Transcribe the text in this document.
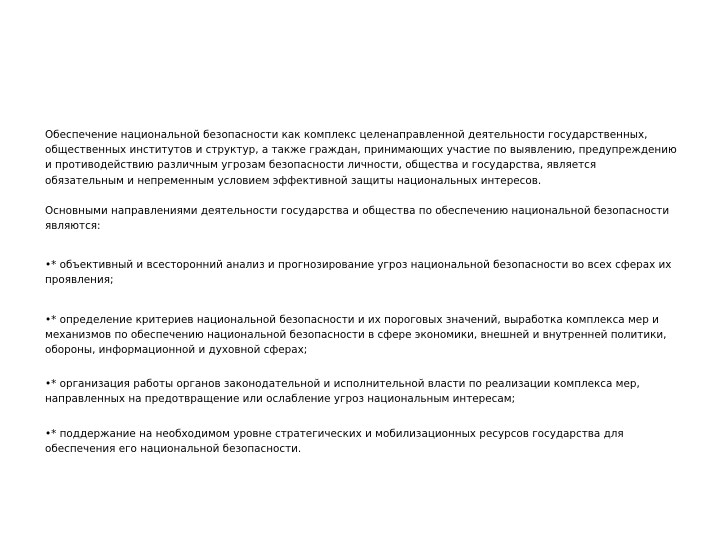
Обеспечение национальной безопасности как комплекс целенаправленной деятельности государственных, общественных институтов и структур, а также граждан, принимающих участие по выявлению, предупреждению и противодействию различным угрозам безопасности личности, общества и государства, является обязательным и непременным условием эффективной защиты национальных интересов.

Основными направлениями деятельности государства и общества по обеспечению национальной безопасности являются:

•* объективный и всесторонний анализ и прогнозирование угроз национальной безопасности во всех сферах их проявления;

•* определение критериев национальной безопасности и их пороговых значений, выработка комплекса мер и механизмов по обеспечению национальной безопасности в сфере экономики, внешней и внутренней политики, обороны, информационной и духовной сферах;

•* организация работы органов законодательной и исполнительной власти по реализации комплекса мер, направленных на предотвращение или ослабление угроз национальным интересам;

•* поддержание на необходимом уровне стратегических и мобилизационных ресурсов государства для обеспечения его национальной безопасности.
